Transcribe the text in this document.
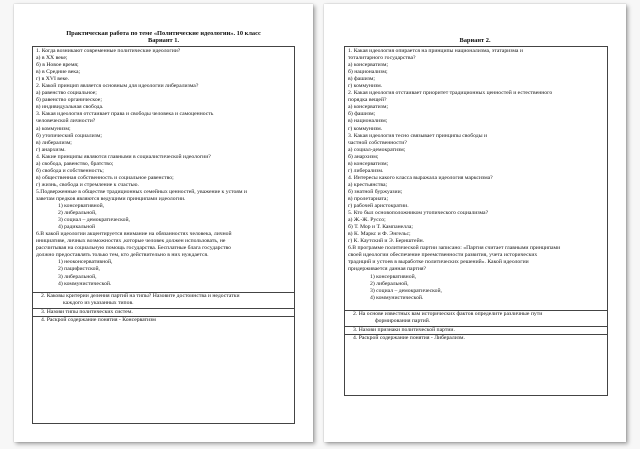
Практическая работа по теме «Политические идеологии». 10 класс
Вариант 1.
1. Когда возникают современные политические идеологии?
а) в XX веке;
б) в Новое время;
в) в Средние века;
г) в XVI веке.
2. Какой принцип является основным для идеологии либерализма?
а) равенство социальное;
б) равенство органическое;
в) индивидуальная свобода.
3. Какая идеология отстаивает права и свободы человека и самоценность
человеческой личности?
а) коммунизм;
б) утопический социализм;
в) либерализм;
г) анархизм.
4. Какие принципы являются главными в социалистической идеологии?
а) свобода, равенство, братство;
б) свобода и собственность;
в) общественная собственность и социальное равенство;
г) жизнь, свобода и стремление к счастью.
5.Подверженные в обществе традиционных семейных ценностей, уважение к устоям и
заветам предков являются ведущими принципами идеологии.
1) консервативной,
2) либеральной,
3) социал – демократической,
4) радикальной
6.В какой идеологии акцентируется внимание на обязанностях человека, личной
инициативе, личных возможностях ,которые человек должен использовать, не
рассчитывая на социальную помощь государства. Бесплатные блага государство
должно предоставлять только тем, кто действительно в них нуждается.
1) неоконсервативной,
2) пацифистской,
3) либеральной,
4) коммунистической.
2. Каковы критерии деления партий на типы? Назовите достоинства и недостатки
каждого из указанных типов.
3. Назови типы политических систем.
4. Раскрой содержание понятия - Консерватизм
Вариант 2.
1. Какая идеология опирается на принципы национализма, этатаризма и
тоталитарного государства?
а) консерватизм;
б) национализм;
в) фашизм;
г) коммунизм.
2. Какая идеология отстаивает приоритет традиционных ценностей и естественного
порядка вещей?
а) консерватизм;
б) фашизм;
в) национализм;
г) коммунизм.
3. Какая идеология тесно связывает принципы свободы и
частной собственности?
а) социал-демократизм;
б) анархизм;
в) консерватизм;
г) либерализм.
4. Интересы какого класса выражала идеология марксизма?
а) крестьянства;
б) знатной буржуазии;
в) пролетариата;
г) рабочей аристократии.
5. Кто был основоположником утопического социализма?
а) Ж.-Ж. Руссо;
б) Т. Мор и Т. Кампанелла;
в) К. Маркс и Ф. Энгельс;
г) К. Каутский и Э. Бернштейн.
6.В программе политической партии записано: «Партия считает главными принципами
своей идеологии обеспечение преемственности развития, учета исторических
традиций и устоев в выработке политических решений». Какой идеологии
придерживается данная партия?
1) консервативной,
2) либеральной,
3) социал – демократической,
4) коммунистической.
2. На основе известных вам исторических фактов определите различные пути
формирования партий.
3. Назови признаки политической партии.
4. Раскрой содержание понятия - Либерализм.
